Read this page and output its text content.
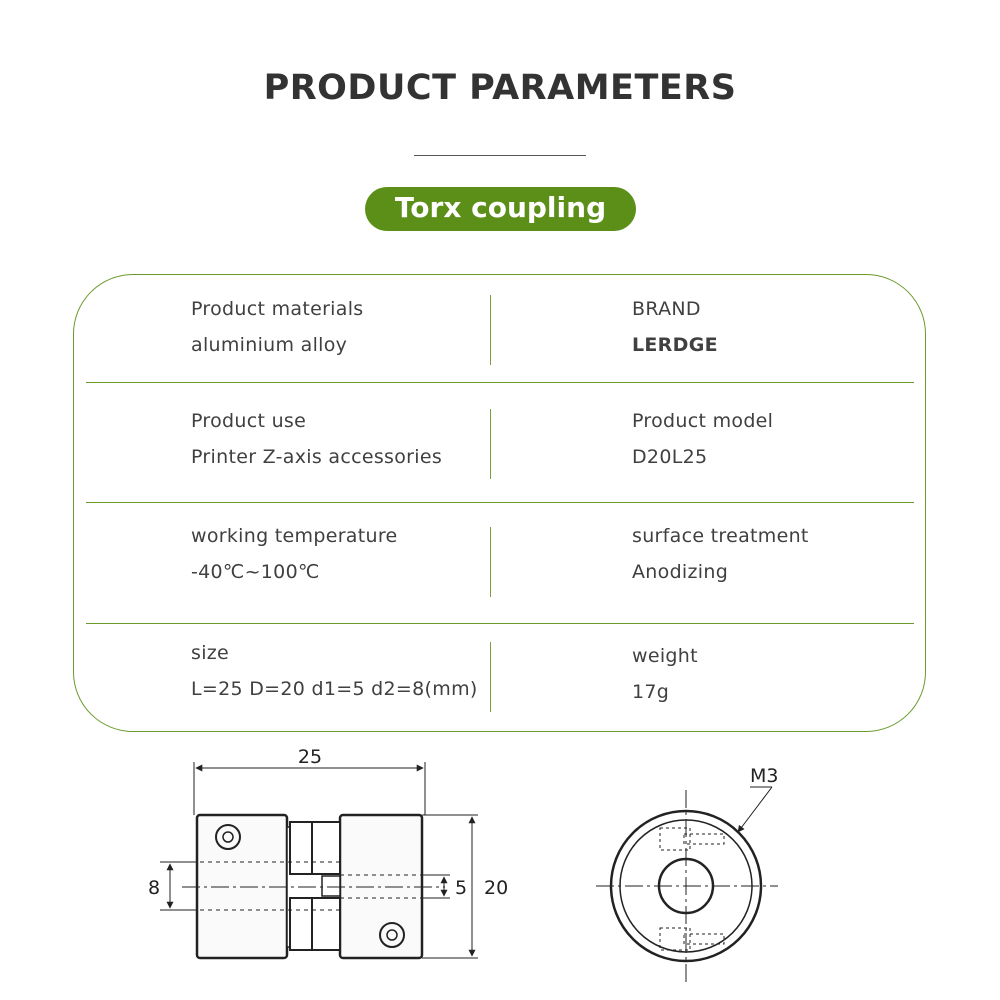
PRODUCT PARAMETERS
Torx coupling
Product materials
aluminium alloy
BRAND
LERDGE
Product use
Printer Z-axis accessories
Product model
D20L25
working temperature
-40℃~100℃
surface treatment
Anodizing
size
L=25 D=20 d1=5 d2=8(mm)
weight
17g
25
8	5 20
M3
